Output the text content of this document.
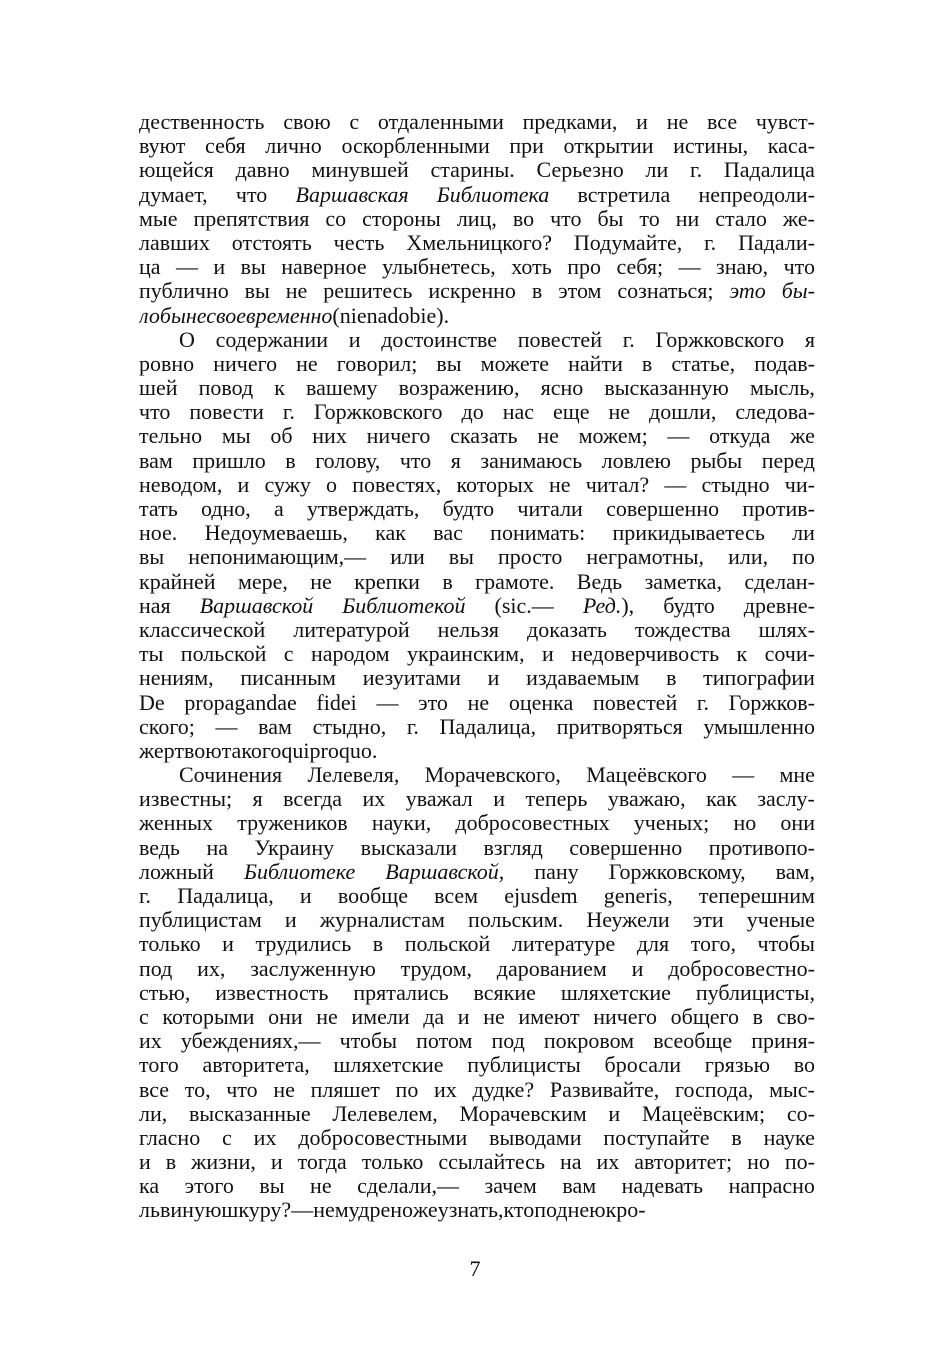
дественность свою с отдаленными предками, и не все чувст-
вуют себя лично оскорбленными при открытии истины, каса-
ющейся давно минувшей старины. Серьезно ли г. Падалица
думает, что Варшавская Библиотека встретила непреодоли-
мые препятствия со стороны лиц, во что бы то ни стало же-
лавших отстоять честь Хмельницкого? Подумайте, г. Падали-
ца — и вы наверное улыбнетесь, хоть про себя; — знаю, что
публично вы не решитесь искренно в этом сознаться; это бы-
ло бы несвоевременно (nie na dobie).
О содержании и достоинстве повестей г. Горжковского я
ровно ничего не говорил; вы можете найти в статье, подав-
шей повод к вашему возражению, ясно высказанную мысль,
что повести г. Горжковского до нас еще не дошли, следова-
тельно мы об них ничего сказать не можем; — откуда же
вам пришло в голову, что я занимаюсь ловлею рыбы перед
неводом, и сужу о повестях, которых не читал? — стыдно чи-
тать одно, а утверждать, будто читали совершенно против-
ное. Недоумеваешь, как вас понимать: прикидываетесь ли
вы непонимающим,— или вы просто неграмотны, или, по
крайней мере, не крепки в грамоте. Ведь заметка, сделан-
ная Варшавской Библиотекой (sic.— Ред.), будто древне-
классической литературой нельзя доказать тождества шлях-
ты польской с народом украинским, и недоверчивость к сочи-
нениям, писанным иезуитами и издаваемым в типографии
De propagandae fidei — это не оценка повестей г. Горжков-
ского; — вам стыдно, г. Падалица, притворяться умышленно
жертвою такого qui pro quo.
Сочинения Лелевеля, Морачевского, Мацеёвского — мне
известны; я всегда их уважал и теперь уважаю, как заслу-
женных тружеников науки, добросовестных ученых; но они
ведь на Украину высказали взгляд совершенно противопо-
ложный Библиотеке Варшавской, пану Горжковскому, вам,
г. Падалица, и вообще всем ejusdem generis, теперешним
публицистам и журналистам польским. Неужели эти ученые
только и трудились в польской литературе для того, чтобы
под их, заслуженную трудом, дарованием и добросовестно-
стью, известность прятались всякие шляхетские публицисты,
с которыми они не имели да и не имеют ничего общего в сво-
их убеждениях,— чтобы потом под покровом всеобще приня-
того авторитета, шляхетские публицисты бросали грязью во
все то, что не пляшет по их дудке? Развивайте, господа, мыс-
ли, высказанные Лелевелем, Морачевским и Мацеёвским; со-
гласно с их добросовестными выводами поступайте в науке
и в жизни, и тогда только ссылайтесь на их авторитет; но по-
ка этого вы не сделали,— зачем вам надевать напрасно
львиную шкуру? — не мудрено же узнать, кто под нею кро-
7
